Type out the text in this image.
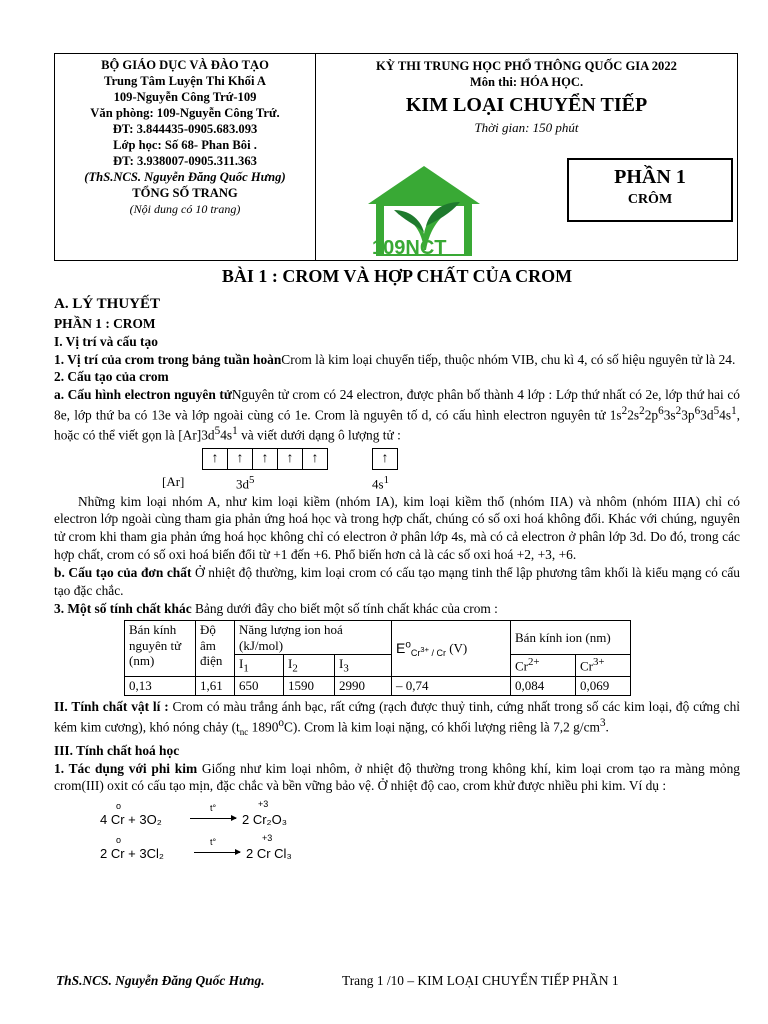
BỘ GIÁO DỤC VÀ ĐÀO TẠO
Trung Tâm Luyện Thi Khối A
109-Nguyễn Công Trứ-109
Văn phòng: 109-Nguyễn Công Trứ.
ĐT: 3.844435-0905.683.093
Lớp học: Số 68- Phan Bôi .
ĐT: 3.938007-0905.311.363
(ThS.NCS. Nguyễn Đăng Quốc Hưng)
TỔNG SỐ TRANG
(Nội dung có 10 trang)
KỲ THI TRUNG HỌC PHỔ THÔNG QUỐC GIA 2022
Môn thi: HÓA HỌC.
KIM LOẠI CHUYỂN TIẾP
Thời gian: 150 phút
109NCT
PHẦN 1
CRÔM
BÀI 1 : CROM VÀ HỢP CHẤT CỦA CROM

A. LÝ THUYẾT

PHẦN 1 : CROM

I. Vị trí và cấu tạo

1. Vị trí của crom trong bảng tuần hoànCrom là kim loại chuyển tiếp, thuộc nhóm VIB, chu kì 4, có số hiệu nguyên tử là 24.

2. Cấu tạo của crom

a. Cấu hình electron nguyên tửNguyên tử crom có 24 electron, được phân bố thành 4 lớp : Lớp thứ nhất có 2e, lớp thứ hai có 8e, lớp thứ ba có 13e và lớp ngoài cùng có 1e. Crom là nguyên tố d, có cấu hình electron nguyên tử $1s^22s^22p^63s^23p^63d^54s^1$, hoặc có thể viết gọn là $[Ar]3d^54s^1$ và viết dưới dạng ô lượng tử :

↑	↑	↑	↑	↑	↑
[Ar]	$3d^5$	$4s^1$

Những kim loại nhóm A, như kim loại kiềm (nhóm IA), kim loại kiềm thổ (nhóm IIA) và nhôm (nhóm IIIA) chỉ có electron lớp ngoài cùng tham gia phản ứng hoá học và trong hợp chất, chúng có số oxi hoá không đổi. Khác với chúng, nguyên tử crom khi tham gia phản ứng hoá học không chỉ có electron ở phân lớp 4s, mà có cả electron ở phân lớp 3d. Do đó, trong các hợp chất, crom có số oxi hoá biến đổi từ +1 đến +6. Phổ biến hơn cả là các số oxi hoá +2, +3, +6.

b. Cấu tạo của đơn chất Ở nhiệt độ thường, kim loại crom có cấu tạo mạng tinh thể lập phương tâm khối là kiểu mạng có cấu tạo đặc chắc.

3. Một số tính chất khác Bảng dưới đây cho biết một số tính chất khác của crom :

Bán kính nguyên tử (nm)	Độ âm điện	Năng lượng ion hoá (kJ/mol)			$E^o_{Cr^{3+} / Cr}$ (V)	Bán kính ion (nm)	
		$I_1$	$I_2$	$I_3$		$Cr^{2+}$	$Cr^{3+}$
0,13	1,61	650	1590	2990	– 0,74	0,084	0,069

II. Tính chất vật lí : Crom có màu trắng ánh bạc, rất cứng (rạch được thuỷ tinh, cứng nhất trong số các kim loại, độ cứng chỉ kém kim cương), khó nóng chảy ($t_{nc}$ 1890$^o$C). Crom là kim loại nặng, có khối lượng riêng là 7,2 $g/cm^3$.

III. Tính chất hoá học

1. Tác dụng với phi kim Giống như kim loại nhôm, ở nhiệt độ thường trong không khí, kim loại crom tạo ra màng mỏng crom(III) oxit có cấu tạo mịn, đặc chắc và bền vững bảo vệ. Ở nhiệt độ cao, crom khử được nhiều phi kim. Ví dụ :

o
4 Cr + 3O₂
t°	+3
2 Cr₂O₃
o
2 Cr + 3Cl₂
t°	+3
2 Cr Cl₃
ThS.NCS. Nguyễn Đăng Quốc Hưng.	Trang 1 /10 – KIM LOẠI CHUYỂN TIẾP PHẦN 1
